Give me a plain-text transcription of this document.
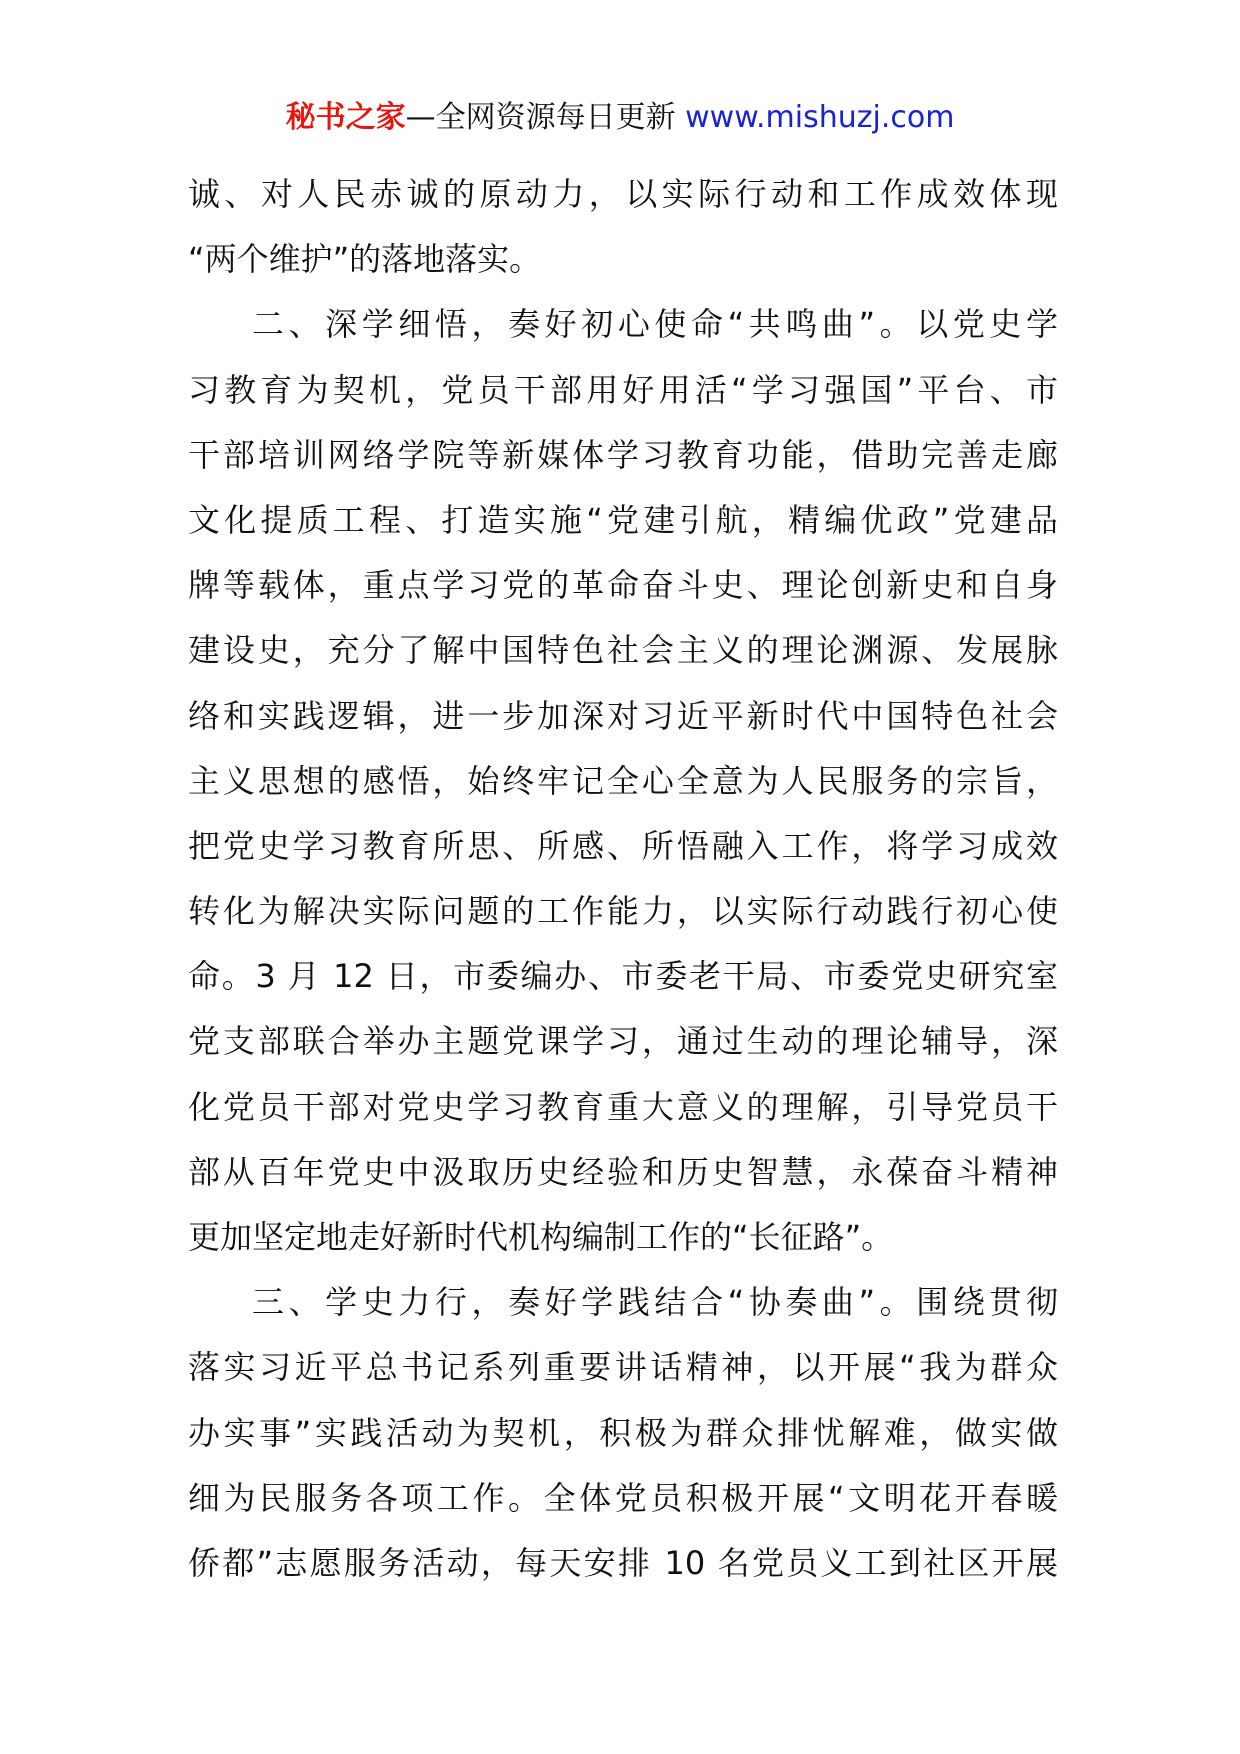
秘书之家—全网资源每日更新 www.mishuzj.com
诚、对人民赤诚的原动力，以实际行动和工作成效体现
“两个维护”的落地落实。
二、深学细悟，奏好初心使命“共鸣曲”。以党史学
习教育为契机，党员干部用好用活“学习强国”平台、市
干部培训网络学院等新媒体学习教育功能，借助完善走廊
文化提质工程、打造实施“党建引航，精编优政”党建品
牌等载体，重点学习党的革命奋斗史、理论创新史和自身
建设史，充分了解中国特色社会主义的理论渊源、发展脉
络和实践逻辑，进一步加深对习近平新时代中国特色社会
主义思想的感悟，始终牢记全心全意为人民服务的宗旨，
把党史学习教育所思、所感、所悟融入工作，将学习成效
转化为解决实际问题的工作能力，以实际行动践行初心使
命。3 月 12 日，市委编办、市委老干局、市委党史研究室
党支部联合举办主题党课学习，通过生动的理论辅导，深
化党员干部对党史学习教育重大意义的理解，引导党员干
部从百年党史中汲取历史经验和历史智慧，永葆奋斗精神
更加坚定地走好新时代机构编制工作的“长征路”。
三、学史力行，奏好学践结合“协奏曲”。围绕贯彻
落实习近平总书记系列重要讲话精神，以开展“我为群众
办实事”实践活动为契机，积极为群众排忧解难，做实做
细为民服务各项工作。全体党员积极开展“文明花开春暖
侨都”志愿服务活动，每天安排 10 名党员义工到社区开展
